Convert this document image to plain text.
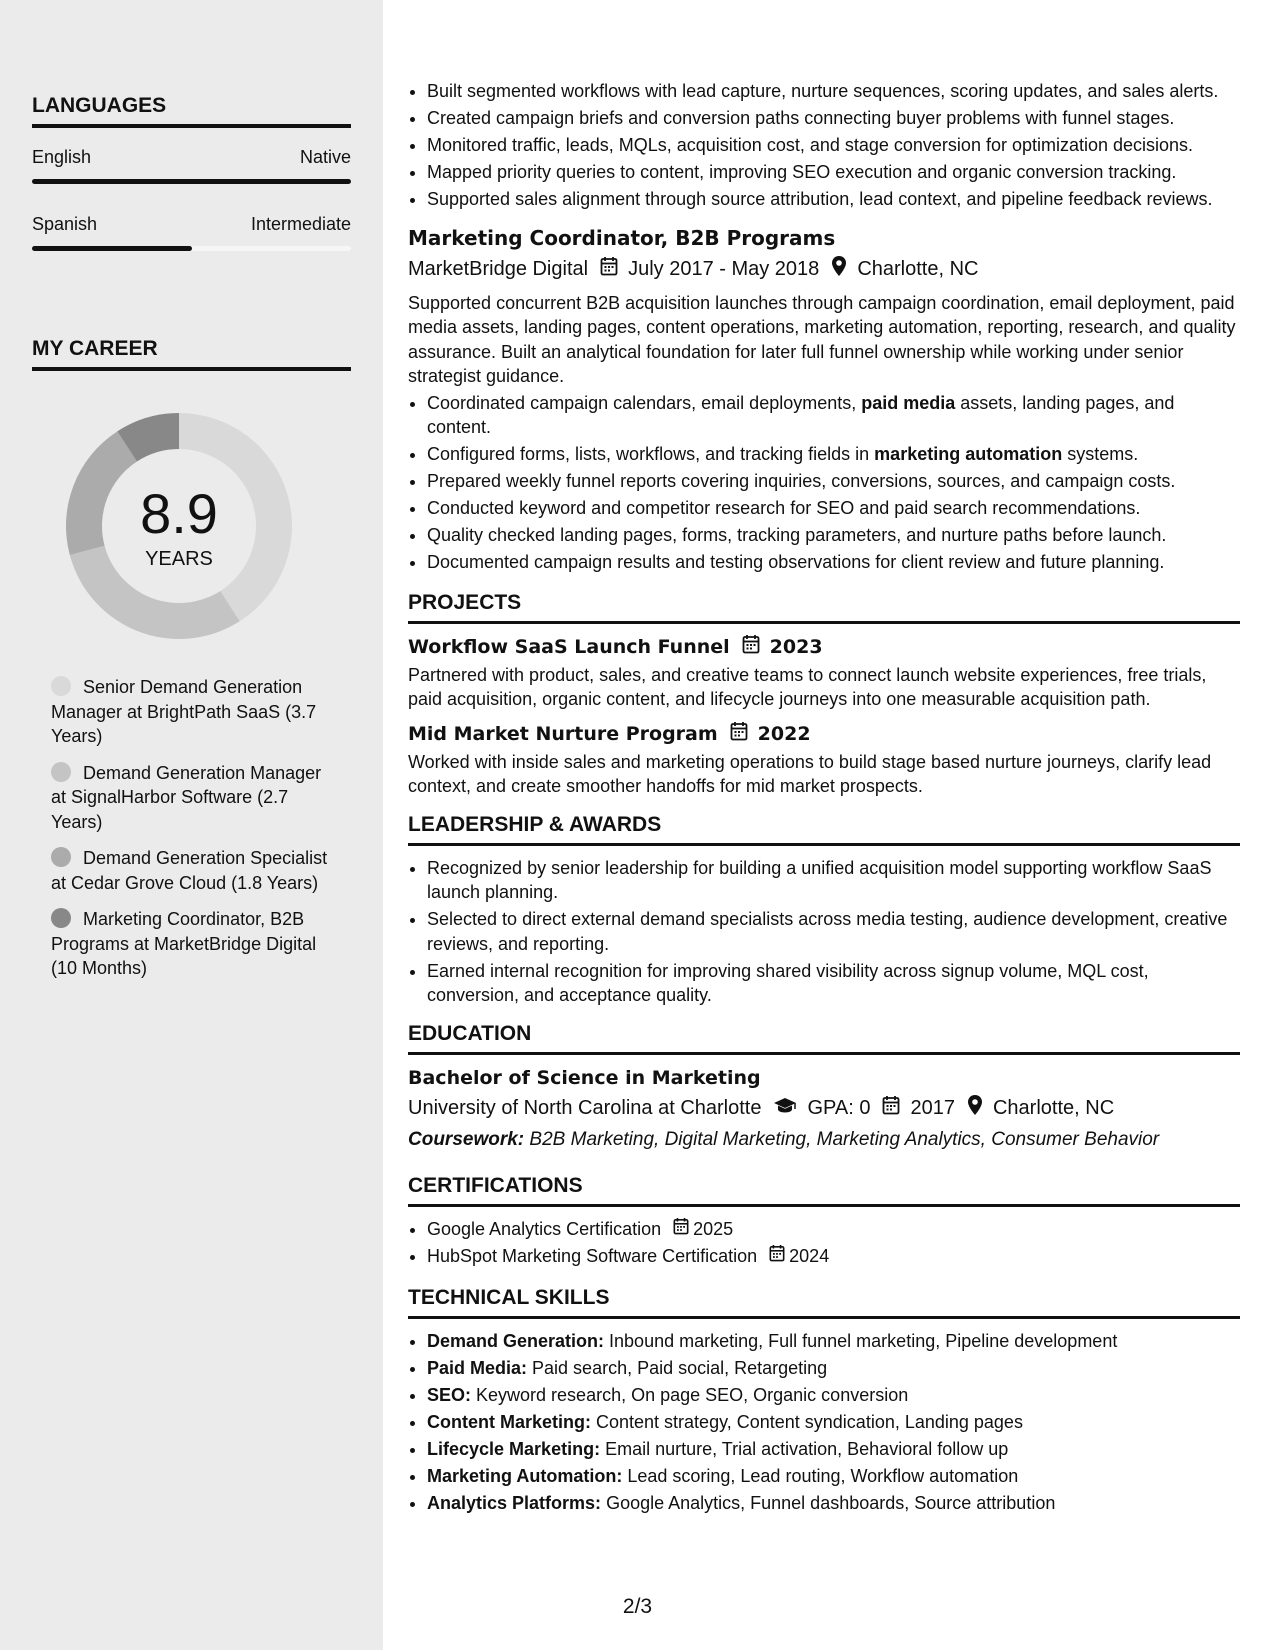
LANGUAGES
English	Native
Spanish	Intermediate
MY CAREER
8.9
YEARS
Senior Demand Generation Manager at BrightPath SaaS (3.7 Years)
Demand Generation Manager at SignalHarbor Software (2.7 Years)
Demand Generation Specialist at Cedar Grove Cloud (1.8 Years)
Marketing Coordinator, B2B Programs at MarketBridge Digital (10 Months)
• Built segmented workflows with lead capture, nurture sequences, scoring updates, and sales alerts.
• Created campaign briefs and conversion paths connecting buyer problems with funnel stages.
• Monitored traffic, leads, MQLs, acquisition cost, and stage conversion for optimization decisions.
• Mapped priority queries to content, improving SEO execution and organic conversion tracking.
• Supported sales alignment through source attribution, lead context, and pipeline feedback reviews.
Marketing Coordinator, B2B Programs
MarketBridge Digital July 2017 - May 2018 Charlotte, NC
Supported concurrent B2B acquisition launches through campaign coordination, email deployment, paid media assets, landing pages, content operations, marketing automation, reporting, research, and quality assurance. Built an analytical foundation for later full funnel ownership while working under senior strategist guidance.
• Coordinated campaign calendars, email deployments, paid media assets, landing pages, and content.
• Configured forms, lists, workflows, and tracking fields in marketing automation systems.
• Prepared weekly funnel reports covering inquiries, conversions, sources, and campaign costs.
• Conducted keyword and competitor research for SEO and paid search recommendations.
• Quality checked landing pages, forms, tracking parameters, and nurture paths before launch.
• Documented campaign results and testing observations for client review and future planning.
PROJECTS
Workflow SaaS Launch Funnel 2023
Partnered with product, sales, and creative teams to connect launch website experiences, free trials, paid acquisition, organic content, and lifecycle journeys into one measurable acquisition path.
Mid Market Nurture Program 2022
Worked with inside sales and marketing operations to build stage based nurture journeys, clarify lead context, and create smoother handoffs for mid market prospects.
LEADERSHIP & AWARDS
• Recognized by senior leadership for building a unified acquisition model supporting workflow SaaS launch planning.
• Selected to direct external demand specialists across media testing, audience development, creative reviews, and reporting.
• Earned internal recognition for improving shared visibility across signup volume, MQL cost, conversion, and acceptance quality.
EDUCATION
Bachelor of Science in Marketing
University of North Carolina at Charlotte GPA: 0 2017 Charlotte, NC
Coursework: B2B Marketing, Digital Marketing, Marketing Analytics, Consumer Behavior
CERTIFICATIONS
• Google Analytics Certification 2025
• HubSpot Marketing Software Certification 2024
TECHNICAL SKILLS
• Demand Generation: Inbound marketing, Full funnel marketing, Pipeline development
• Paid Media: Paid search, Paid social, Retargeting
• SEO: Keyword research, On page SEO, Organic conversion
• Content Marketing: Content strategy, Content syndication, Landing pages
• Lifecycle Marketing: Email nurture, Trial activation, Behavioral follow up
• Marketing Automation: Lead scoring, Lead routing, Workflow automation
• Analytics Platforms: Google Analytics, Funnel dashboards, Source attribution
2/3
